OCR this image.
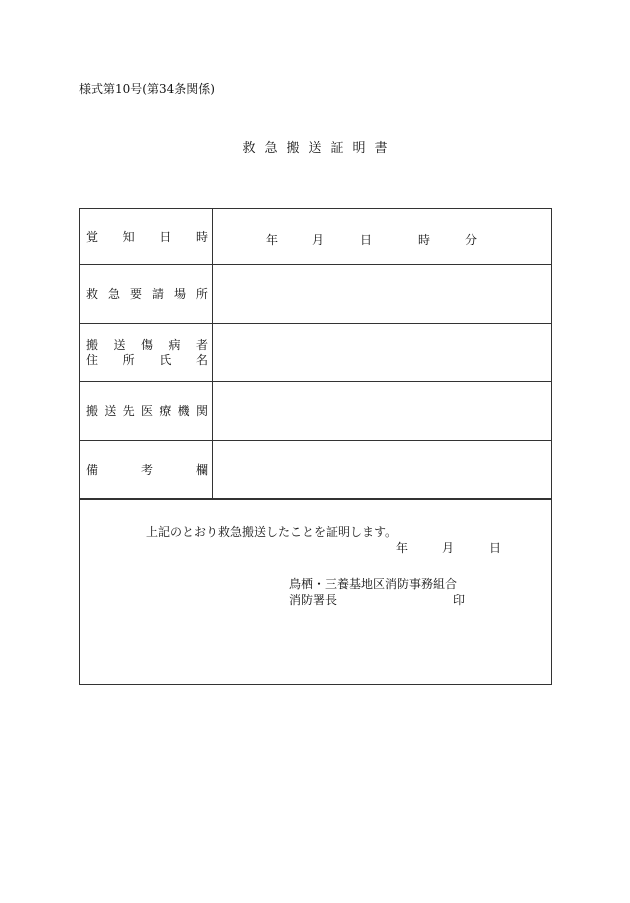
様式第10号(第34条関係)
救急搬送証明書
覚 知 日 時	年	月	日	時	分
救 急 要 請 場 所
搬 送 傷 病 者
住 所 氏 名
搬 送 先 医 療 機 関
備	考	欄
上記のとおり救急搬送したことを証明します。
年	月	日
鳥栖・三養基地区消防事務組合
消防署長	印
